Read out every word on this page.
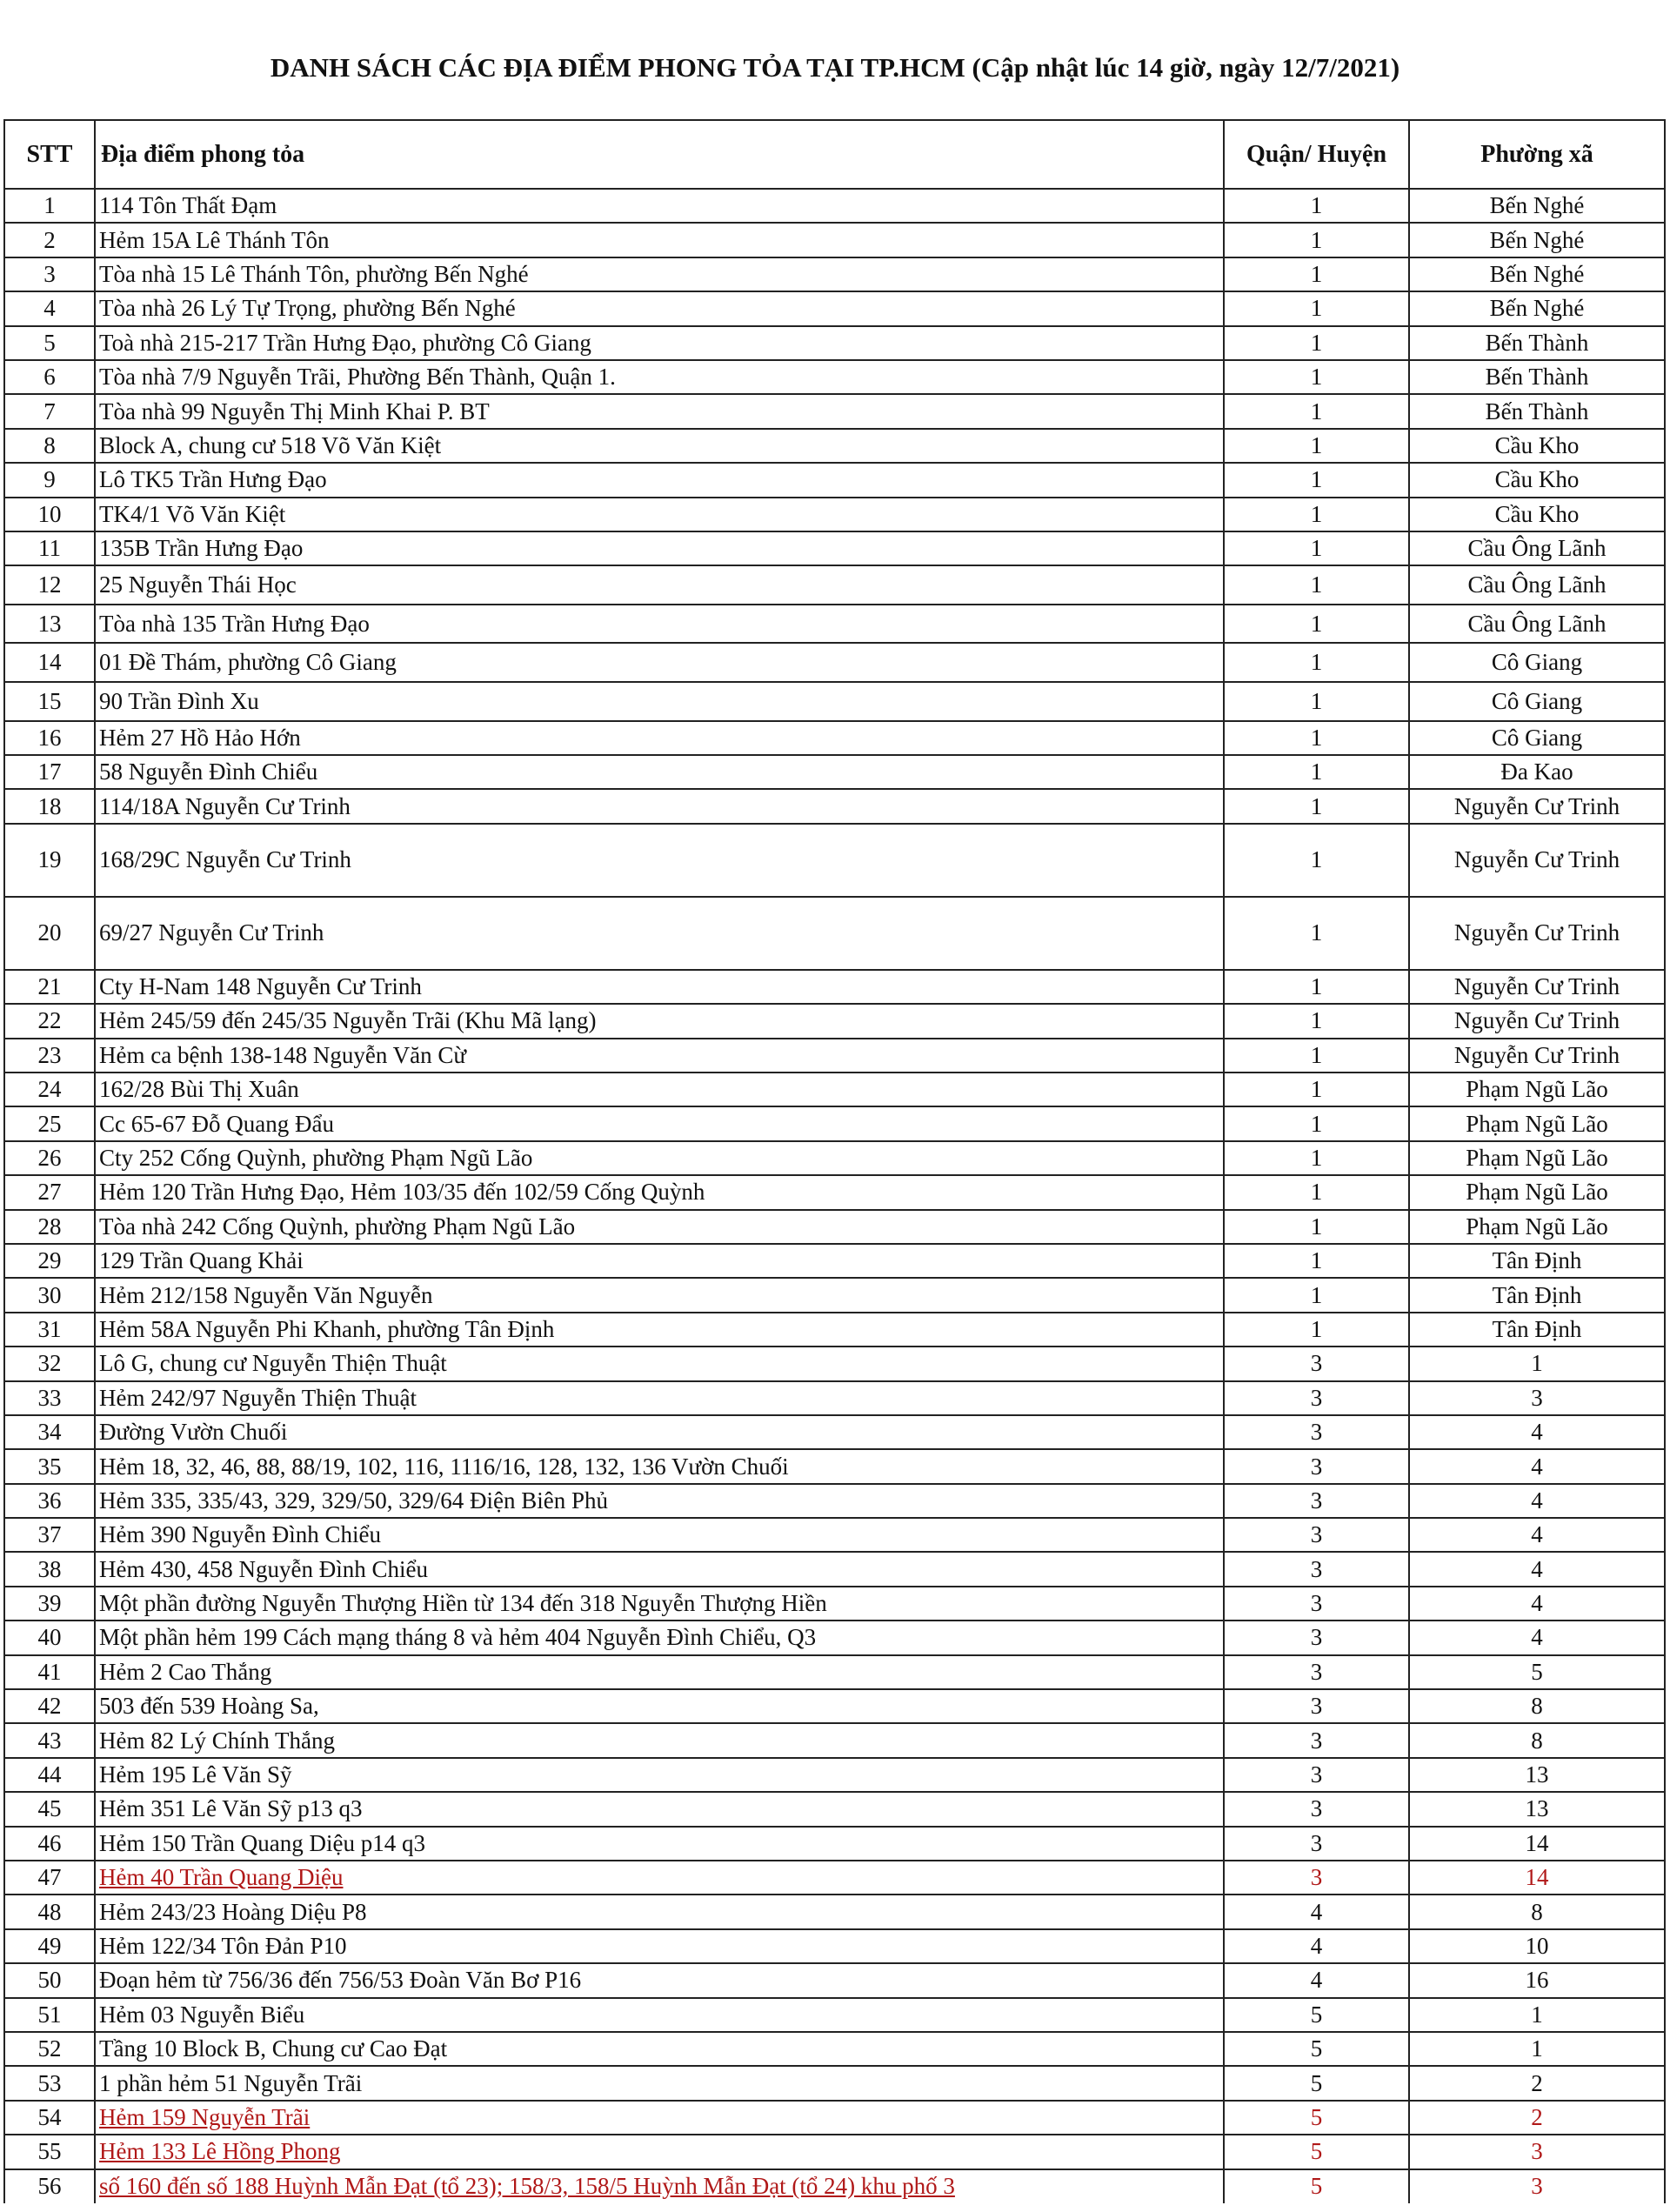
DANH SÁCH CÁC ĐỊA ĐIỂM PHONG TỎA TẠI TP.HCM (Cập nhật lúc 14 giờ, ngày 12/7/2021)
STT	Địa điểm phong tỏa	Quận/ Huyện	Phường xã
1	114 Tôn Thất Đạm	1	Bến Nghé
2	Hẻm 15A Lê Thánh Tôn	1	Bến Nghé
3	Tòa nhà 15 Lê Thánh Tôn, phường Bến Nghé	1	Bến Nghé
4	Tòa nhà 26 Lý Tự Trọng, phường Bến Nghé	1	Bến Nghé
5	Toà nhà 215-217 Trần Hưng Đạo, phường Cô Giang	1	Bến Thành
6	Tòa nhà 7/9 Nguyễn Trãi, Phường Bến Thành, Quận 1.	1	Bến Thành
7	Tòa nhà 99 Nguyễn Thị Minh Khai P. BT	1	Bến Thành
8	Block A, chung cư 518 Võ Văn Kiệt	1	Cầu Kho
9	Lô TK5 Trần Hưng Đạo	1	Cầu Kho
10	TK4/1 Võ Văn Kiệt	1	Cầu Kho
11	135B Trần Hưng Đạo	1	Cầu Ông Lãnh
12	25 Nguyễn Thái Học	1	Cầu Ông Lãnh
13	Tòa nhà 135 Trần Hưng Đạo	1	Cầu Ông Lãnh
14	01 Đề Thám, phường Cô Giang	1	Cô Giang
15	90 Trần Đình Xu	1	Cô Giang
16	Hẻm 27 Hồ Hảo Hớn	1	Cô Giang
17	58 Nguyễn Đình Chiểu	1	Đa Kao
18	114/18A Nguyễn Cư Trinh	1	Nguyễn Cư Trinh
19	168/29C Nguyễn Cư Trinh	1	Nguyễn Cư Trinh
20	69/27 Nguyễn Cư Trinh	1	Nguyễn Cư Trinh
21	Cty H-Nam 148 Nguyễn Cư Trinh	1	Nguyễn Cư Trinh
22	Hẻm 245/59 đến 245/35 Nguyễn Trãi (Khu Mã lạng)	1	Nguyễn Cư Trinh
23	Hẻm ca bệnh 138-148 Nguyễn Văn Cừ	1	Nguyễn Cư Trinh
24	162/28 Bùi Thị Xuân	1	Phạm Ngũ Lão
25	Cc 65-67 Đỗ Quang Đẩu	1	Phạm Ngũ Lão
26	Cty 252 Cống Quỳnh, phường Phạm Ngũ Lão	1	Phạm Ngũ Lão
27	Hẻm 120 Trần Hưng Đạo, Hẻm 103/35 đến 102/59 Cống Quỳnh	1	Phạm Ngũ Lão
28	Tòa nhà 242 Cống Quỳnh, phường Phạm Ngũ Lão	1	Phạm Ngũ Lão
29	129 Trần Quang Khải	1	Tân Định
30	Hẻm 212/158 Nguyễn Văn Nguyễn	1	Tân Định
31	Hẻm 58A Nguyễn Phi Khanh, phường Tân Định	1	Tân Định
32	Lô G, chung cư Nguyễn Thiện Thuật	3	1
33	Hẻm 242/97 Nguyễn Thiện Thuật	3	3
34	Đường Vườn Chuối	3	4
35	Hẻm 18, 32, 46, 88, 88/19, 102, 116, 1116/16, 128, 132, 136 Vườn Chuối	3	4
36	Hẻm 335, 335/43, 329, 329/50, 329/64 Điện Biên Phủ	3	4
37	Hẻm 390 Nguyễn Đình Chiểu	3	4
38	Hẻm 430, 458 Nguyễn Đình Chiểu	3	4
39	Một phần đường Nguyễn Thượng Hiền từ 134 đến 318 Nguyễn Thượng Hiền	3	4
40	Một phần hẻm 199 Cách mạng tháng 8 và hẻm 404 Nguyễn Đình Chiểu, Q3	3	4
41	Hẻm 2 Cao Thắng	3	5
42	503 đến 539 Hoàng Sa,	3	8
43	Hẻm 82 Lý Chính Thắng	3	8
44	Hẻm 195 Lê Văn Sỹ	3	13
45	Hẻm 351 Lê Văn Sỹ p13 q3	3	13
46	Hẻm 150 Trần Quang Diệu p14 q3	3	14
47	Hẻm 40 Trần Quang Diệu	3	14
48	Hẻm 243/23 Hoàng Diệu P8	4	8
49	Hẻm 122/34 Tôn Đản P10	4	10
50	Đoạn hẻm từ 756/36 đến 756/53 Đoàn Văn Bơ P16	4	16
51	Hẻm 03 Nguyễn Biểu	5	1
52	Tầng 10 Block B, Chung cư Cao Đạt	5	1
53	1 phần hẻm 51 Nguyễn Trãi	5	2
54	Hẻm 159 Nguyễn Trãi	5	2
55	Hẻm 133 Lê Hồng Phong	5	3
56	số 160 đến số 188 Huỳnh Mẫn Đạt (tổ 23); 158/3, 158/5 Huỳnh Mẫn Đạt (tổ 24) khu phố 3	5	3
